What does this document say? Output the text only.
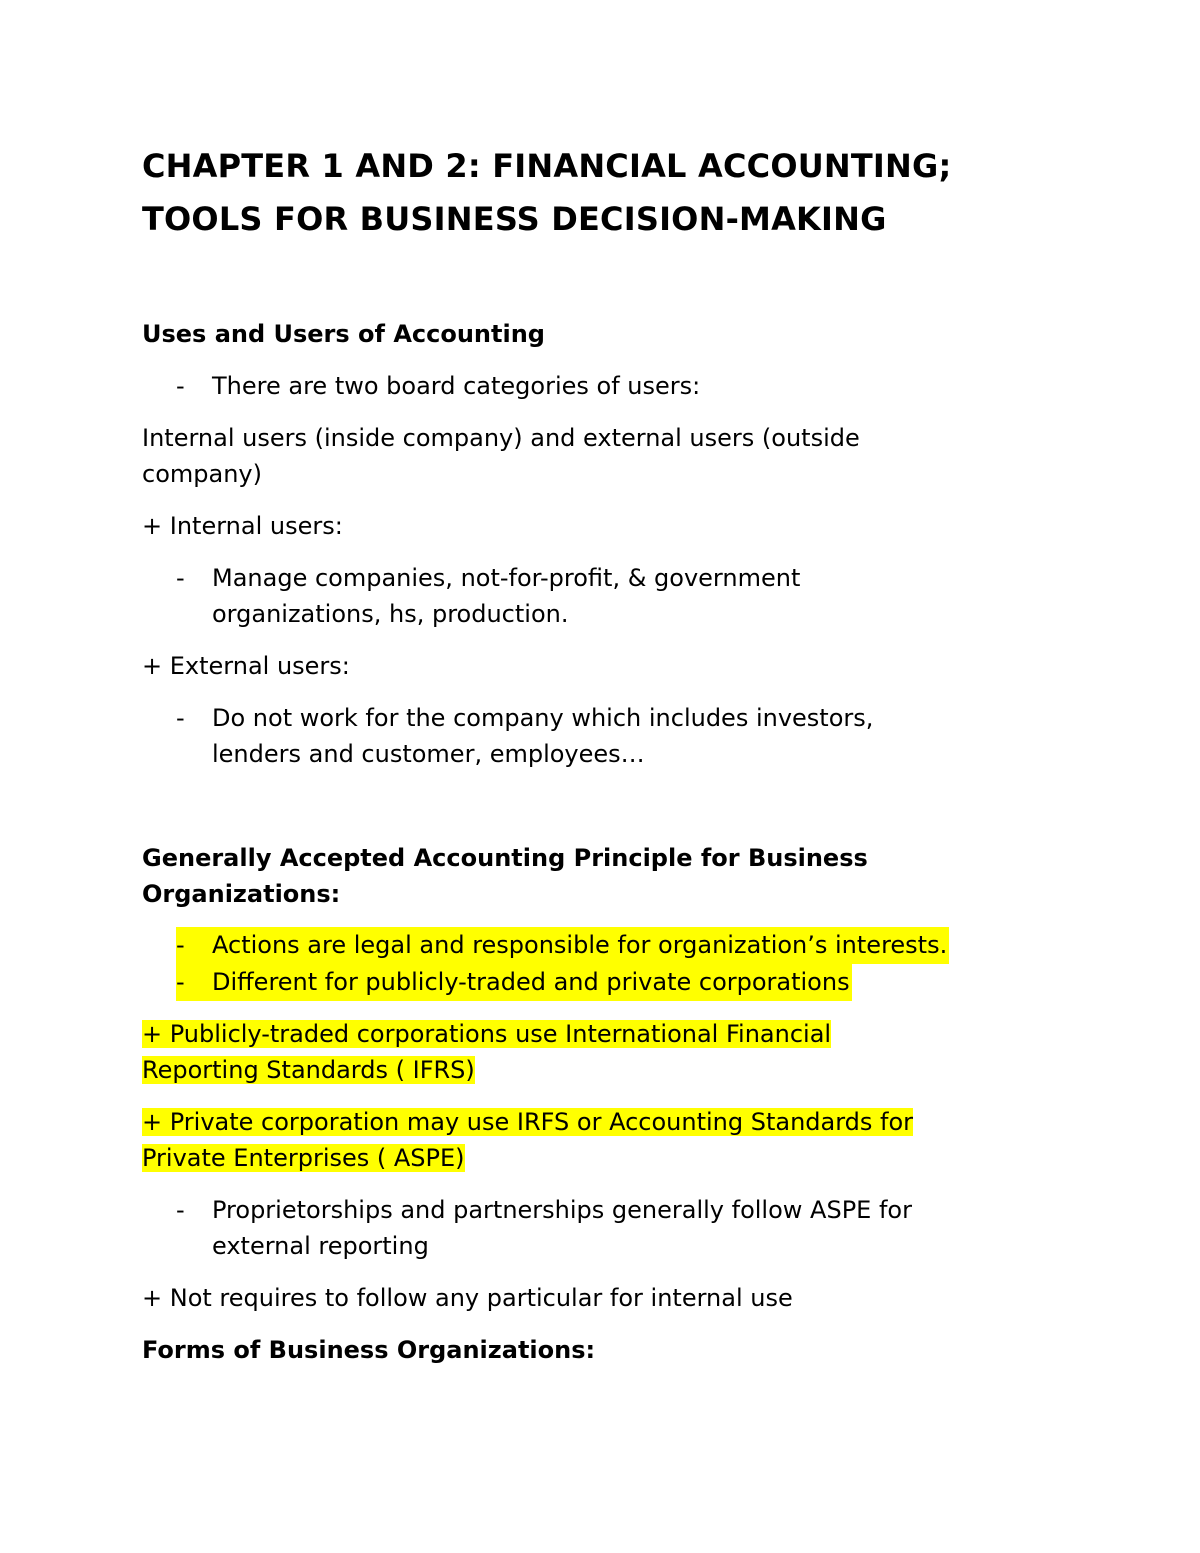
CHAPTER 1 AND 2: FINANCIAL ACCOUNTING;
TOOLS FOR BUSINESS DECISION-MAKING
Uses and Users of Accounting
- There are two board categories of users:

Internal users (inside company) and external users (outside
company)

+ Internal users:

- Manage companies, not-for-profit, & government
organizations, hs, production.

+ External users:

- Do not work for the company which includes investors,
lenders and customer, employees…
Generally Accepted Accounting Principle for Business
Organizations:
- Actions are legal and responsible for organization’s interests.

- Different for publicly-traded and private corporations

+ Publicly-traded corporations use International Financial
Reporting Standards ( IFRS)

+ Private corporation may use IRFS or Accounting Standards for
Private Enterprises ( ASPE)

- Proprietorships and partnerships generally follow ASPE for
external reporting

+ Not requires to follow any particular for internal use

Forms of Business Organizations:
